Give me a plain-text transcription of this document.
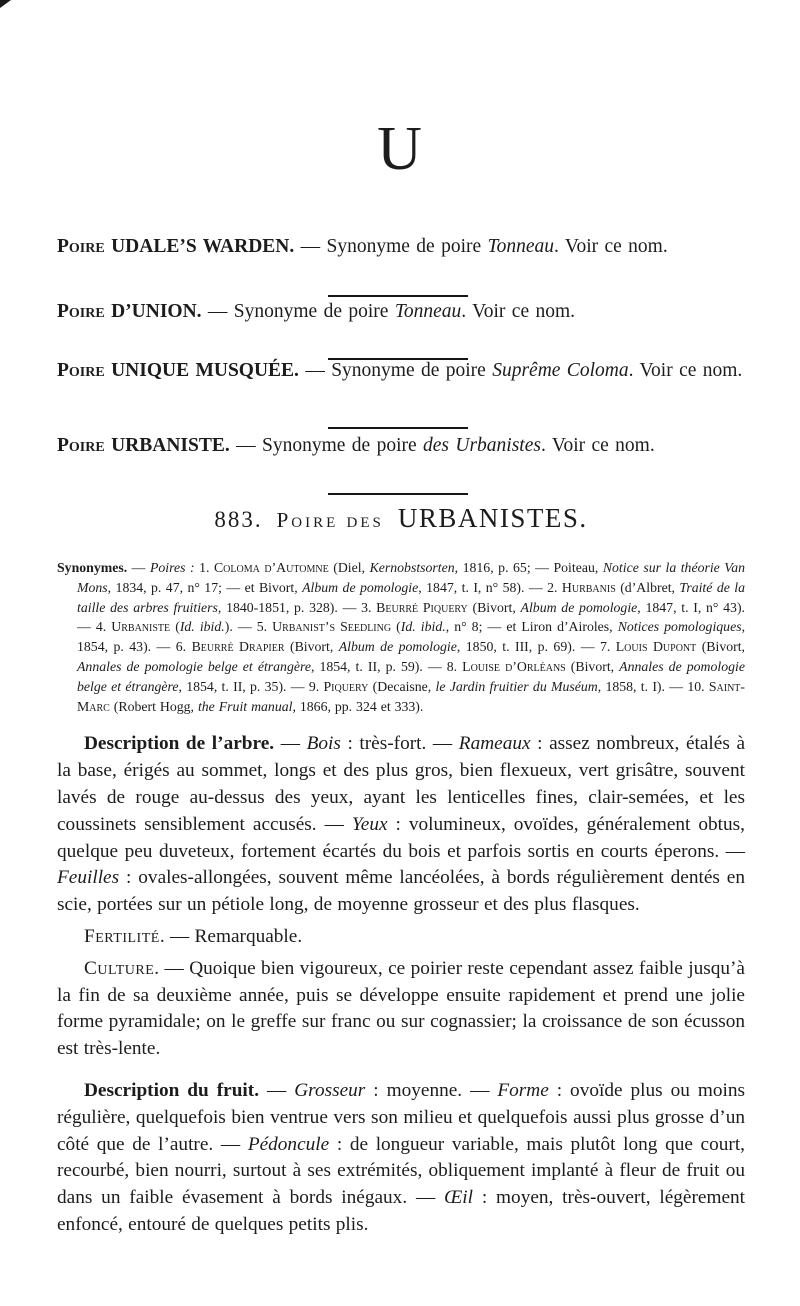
U

Poire UDALE’S WARDEN. — Synonyme de poire Tonneau. Voir ce nom.

Poire D’UNION. — Synonyme de poire Tonneau. Voir ce nom.

Poire UNIQUE MUSQUÉE. — Synonyme de poire Suprême Coloma. Voir ce nom.

Poire URBANISTE. — Synonyme de poire des Urbanistes. Voir ce nom.

883. Poire des URBANISTES.

Synonymes. — Poires : 1. Coloma d’Automne (Diel, Kernobstsorten, 1816, p. 65; — Poiteau, Notice sur la théorie Van Mons, 1834, p. 47, n° 17; — et Bivort, Album de pomologie, 1847, t. I, n° 58). — 2. Hurbanis (d’Albret, Traité de la taille des arbres fruitiers, 1840-1851, p. 328). — 3. Beurré Piquery (Bivort, Album de pomologie, 1847, t. I, n° 43). — 4. Urbaniste (Id. ibid.). — 5. Urbanist’s Seedling (Id. ibid., n° 8; — et Liron d’Airoles, Notices pomologiques, 1854, p. 43). — 6. Beurré Drapier (Bivort, Album de pomologie, 1850, t. III, p. 69). — 7. Louis Dupont (Bivort, Annales de pomologie belge et étrangère, 1854, t. II, p. 59). — 8. Louise d’Orléans (Bivort, Annales de pomologie belge et étrangère, 1854, t. II, p. 35). — 9. Piquery (Decaisne, le Jardin fruitier du Muséum, 1858, t. I). — 10. Saint-Marc (Robert Hogg, the Fruit manual, 1866, pp. 324 et 333).

Description de l’arbre. — Bois : très-fort. — Rameaux : assez nombreux, étalés à la base, érigés au sommet, longs et des plus gros, bien flexueux, vert grisâtre, souvent lavés de rouge au-dessus des yeux, ayant les lenticelles fines, clair-semées, et les coussinets sensiblement accusés. — Yeux : volumineux, ovoïdes, généralement obtus, quelque peu duveteux, fortement écartés du bois et parfois sortis en courts éperons. — Feuilles : ovales-allongées, souvent même lancéolées, à bords régulièrement dentés en scie, portées sur un pétiole long, de moyenne grosseur et des plus flasques.

Fertilité. — Remarquable.

Culture. — Quoique bien vigoureux, ce poirier reste cependant assez faible jusqu’à la fin de sa deuxième année, puis se développe ensuite rapidement et prend une jolie forme pyramidale; on le greffe sur franc ou sur cognassier; la croissance de son écusson est très-lente.

Description du fruit. — Grosseur : moyenne. — Forme : ovoïde plus ou moins régulière, quelquefois bien ventrue vers son milieu et quelquefois aussi plus grosse d’un côté que de l’autre. — Pédoncule : de longueur variable, mais plutôt long que court, recourbé, bien nourri, surtout à ses extrémités, obliquement implanté à fleur de fruit ou dans un faible évasement à bords inégaux. — Œil : moyen, très-ouvert, légèrement enfoncé, entouré de quelques petits plis.
